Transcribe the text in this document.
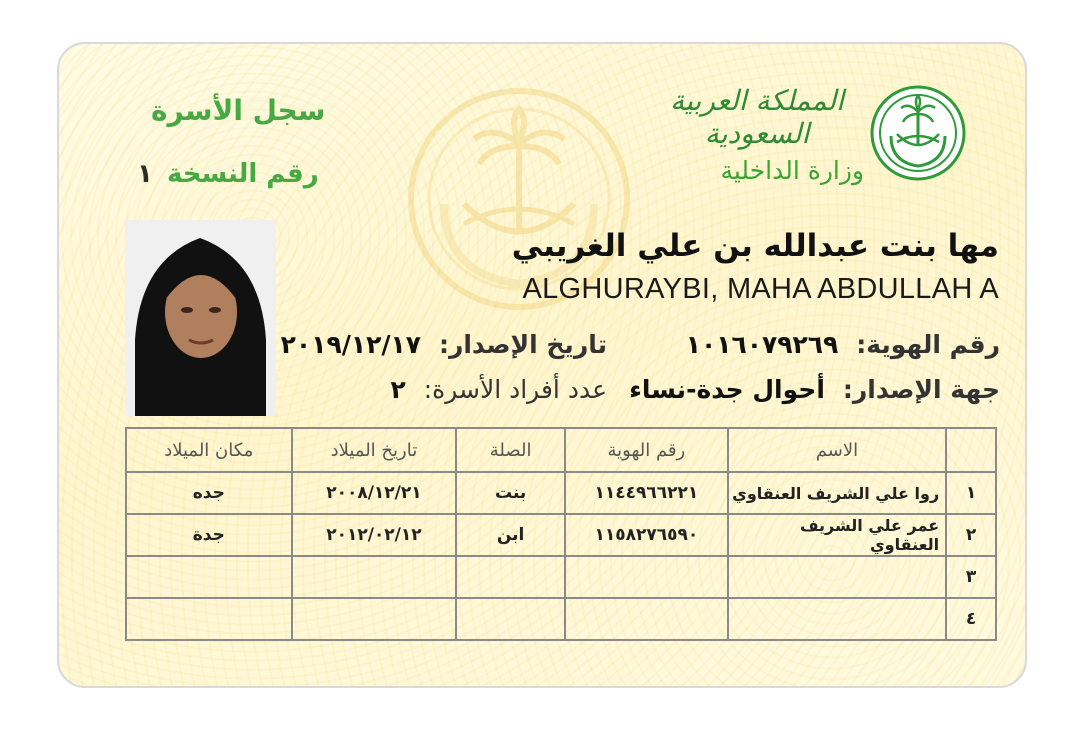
سجل الأسرة
رقم النسخة
١
المملكة العربية السعودية
وزارة الداخلية
مها بنت عبدالله بن علي الغريبي
ALGHURAYBI, MAHA ABDULLAH A
رقم الهوية: ١٠١٦٠٧٩٢٦٩
تاريخ الإصدار: ٢٠١٩/١٢/١٧
جهة الإصدار: أحوال جدة-نساء
عدد أفراد الأسرة: ٢
	الاسم	رقم الهوية	الصلة	تاريخ الميلاد	مكان الميلاد
١	روا علي الشريف العنقاوي	١١٤٤٩٦٦٢٢١	بنت	٢٠٠٨/١٢/٢١	جده
٢	عمر علي الشريف العنقاوي	١١٥٨٢٧٦٥٩٠	ابن	٢٠١٢/٠٢/١٢	جدة
٣					
٤					
